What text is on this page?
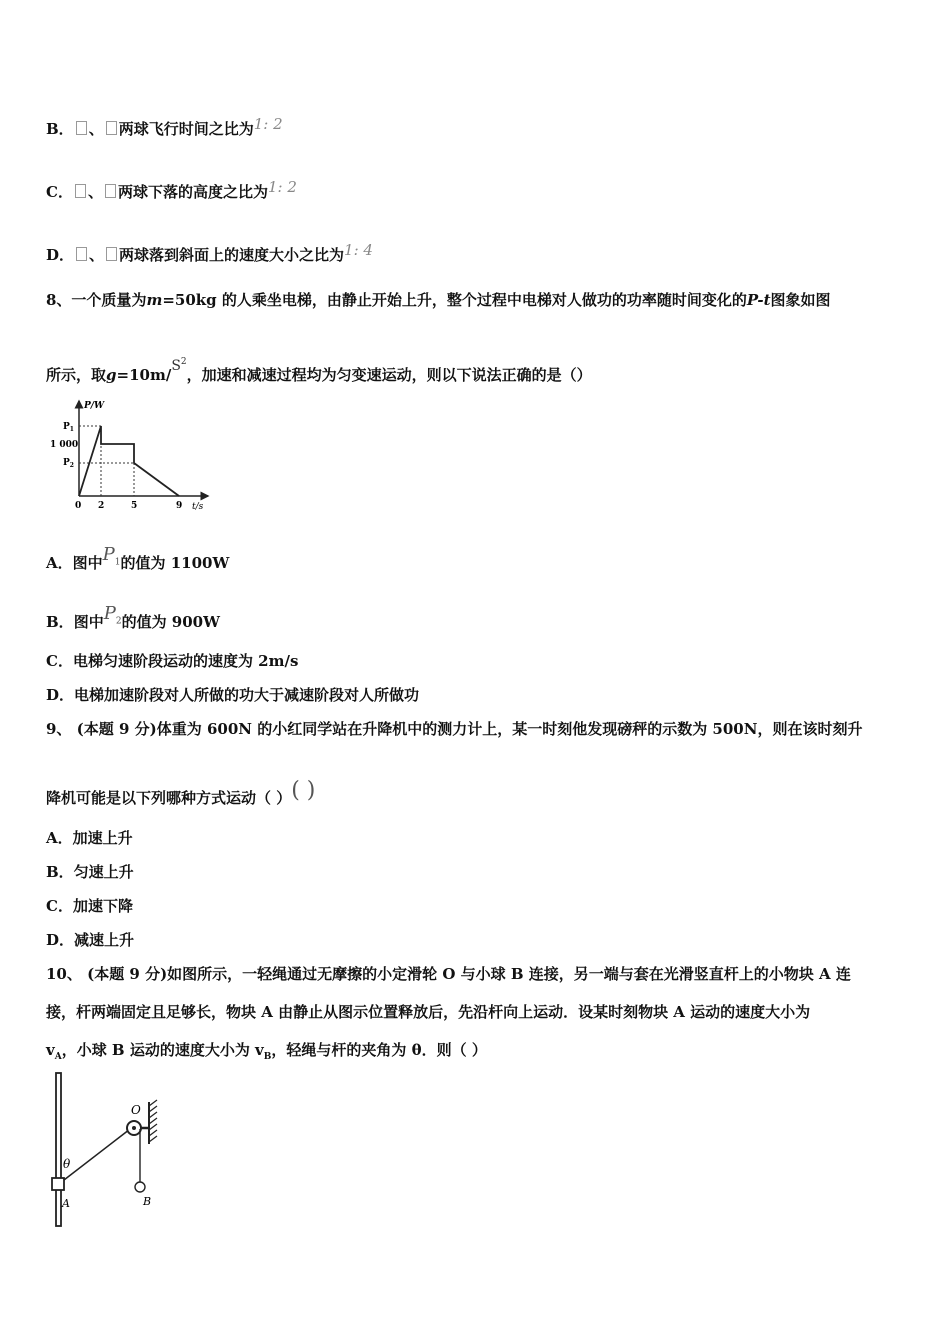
B． 、 两球飞行时间之比为1: 2
C． 、 两球下落的高度之比为1: 2
D． 、 两球落到斜面上的速度大小之比为1: 4
8、一个质量为m=50kg 的人乘坐电梯，由静止开始上升，整个过程中电梯对人做功的功率随时间变化的P-t图象如图
所示，取$g=10m/S^2$，加速和减速过程均为匀变速运动，则以下说法正确的是（）
P/W
t/s
$P_1$
1 000
$P_2$
0 2	5	9
A．图中$P_1$的值为 1100W
B．图中$P_2$的值为 900W
C．电梯匀速阶段运动的速度为 2m/s
D．电梯加速阶段对人所做的功大于减速阶段对人所做功
9、 (本题 9 分)体重为 600N 的小红同学站在升降机中的测力计上，某一时刻他发现磅秤的示数为 500N，则在该时刻升
降机可能是以下列哪种方式运动（ ）( )
A．加速上升
B．匀速上升
C．加速下降
D．减速上升
10、 (本题 9 分)如图所示，一轻绳通过无摩擦的小定滑轮 O 与小球 B 连接，另一端与套在光滑竖直杆上的小物块 A 连
接，杆两端固定且足够长，物块 A 由静止从图示位置释放后，先沿杆向上运动．设某时刻物块 A 运动的速度大小为
$v_A$，小球 B 运动的速度大小为 $v_B$，轻绳与杆的夹角为 θ．则（ ）
O
θ
A	B
